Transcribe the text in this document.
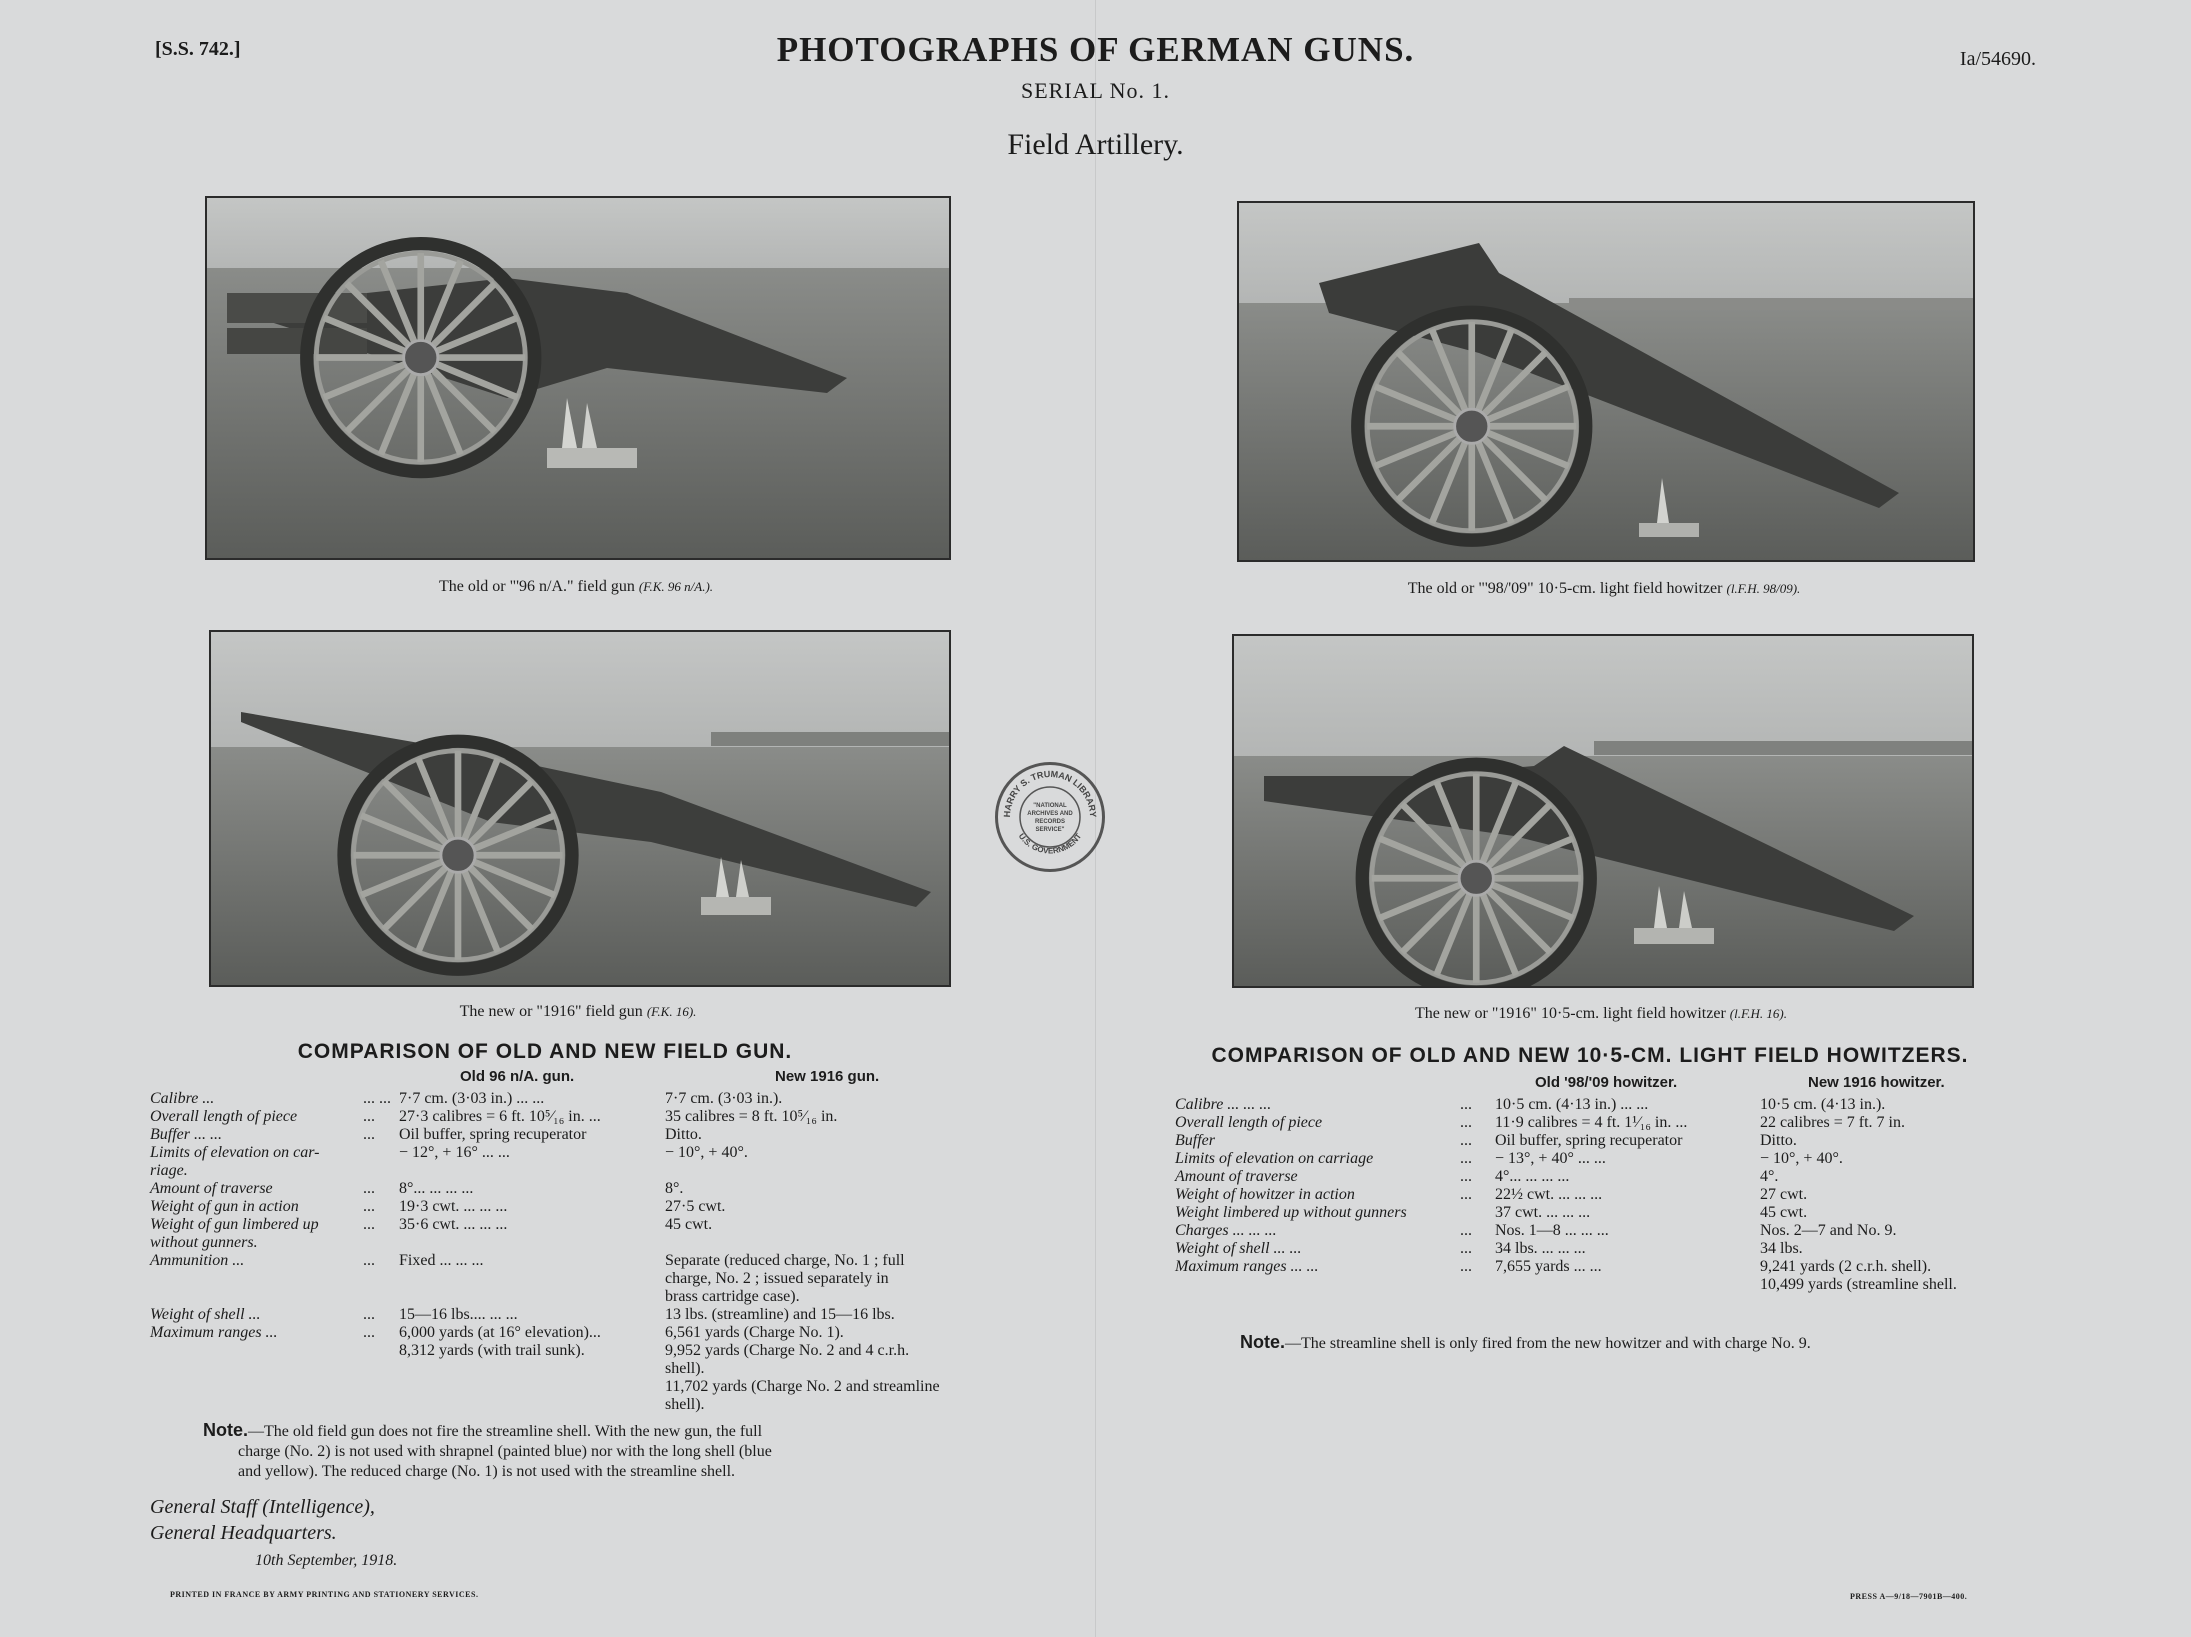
[S.S. 742.]	Ia/54690.
PHOTOGRAPHS OF GERMAN GUNS.
SERIAL No. 1.
Field Artillery.
The old or "'96 n/A." field gun (F.K. 96 n/A.).	The old or "'98/'09" 10·5-cm. light field howitzer (l.F.H. 98/09).
The new or "1916" field gun (F.K. 16).	The new or "1916" 10·5-cm. light field howitzer (l.F.H. 16).
HARRY S. TRUMAN LIBRARY
U.S. GOVERNMENT
"NATIONAL
ARCHIVES AND
RECORDS
SERVICE"
COMPARISON OF OLD AND NEW FIELD GUN.
Old 96 n/A. gun.	New 1916 gun.
Calibre ...	... ... 7·7 cm. (3·03 in.) ... ...	7·7 cm. (3·03 in.).
Overall length of piece	... 27·3 calibres = 6 ft. 10⁵⁄₁₆ in. ...	35 calibres = 8 ft. 10⁵⁄₁₆ in.
Buffer ... ...	... Oil buffer, spring recuperator	Ditto.
Limits of elevation on car-	− 12°, + 16° ... ...	− 10°, + 40°.
riage.
Amount of traverse	... 8°... ... ... ...	8°.
Weight of gun in action	... 19·3 cwt. ... ... ...	27·5 cwt.
Weight of gun limbered up	... 35·6 cwt. ... ... ...	45 cwt.
without gunners.
Ammunition ...	... Fixed ... ... ...	Separate (reduced charge, No. 1 ; full
charge, No. 2 ; issued separately in
brass cartridge case).
Weight of shell ...	... 15—16 lbs.... ... ...	13 lbs. (streamline) and 15—16 lbs.
Maximum ranges ...	... 6,000 yards (at 16° elevation)...	6,561 yards (Charge No. 1).
8,312 yards (with trail sunk).	9,952 yards (Charge No. 2 and 4 c.r.h.
shell).
11,702 yards (Charge No. 2 and streamline
shell).
Note.—The old field gun does not fire the streamline shell. With the new gun, the full
charge (No. 2) is not used with shrapnel (painted blue) nor with the long shell (blue
and yellow). The reduced charge (No. 1) is not used with the streamline shell.
General Staff (Intelligence),
General Headquarters.
10th September, 1918.
COMPARISON OF OLD AND NEW 10·5-CM. LIGHT FIELD HOWITZERS.
Old '98/'09 howitzer.	New 1916 howitzer.
Calibre ... ... ...	... 10·5 cm. (4·13 in.) ... ...	10·5 cm. (4·13 in.).
Overall length of piece	... 11·9 calibres = 4 ft. 1¹⁄₁₆ in. ...	22 calibres = 7 ft. 7 in.
Buffer	... Oil buffer, spring recuperator	Ditto.
Limits of elevation on carriage	... − 13°, + 40° ... ...	− 10°, + 40°.
Amount of traverse	... 4°... ... ... ...	4°.
Weight of howitzer in action	... 22½ cwt. ... ... ...	27 cwt.
Weight limbered up without gunners	37 cwt. ... ... ...	45 cwt.
Charges ... ... ...	... Nos. 1—8 ... ... ...	Nos. 2—7 and No. 9.
Weight of shell ... ...	... 34 lbs. ... ... ...	34 lbs.
Maximum ranges ... ...	... 7,655 yards ... ...	9,241 yards (2 c.r.h. shell).
10,499 yards (streamline shell.
Note.—The streamline shell is only fired from the new howitzer and with charge No. 9.
PRINTED IN FRANCE BY ARMY PRINTING AND STATIONERY SERVICES.	PRESS A—9/18—7901B—400.
